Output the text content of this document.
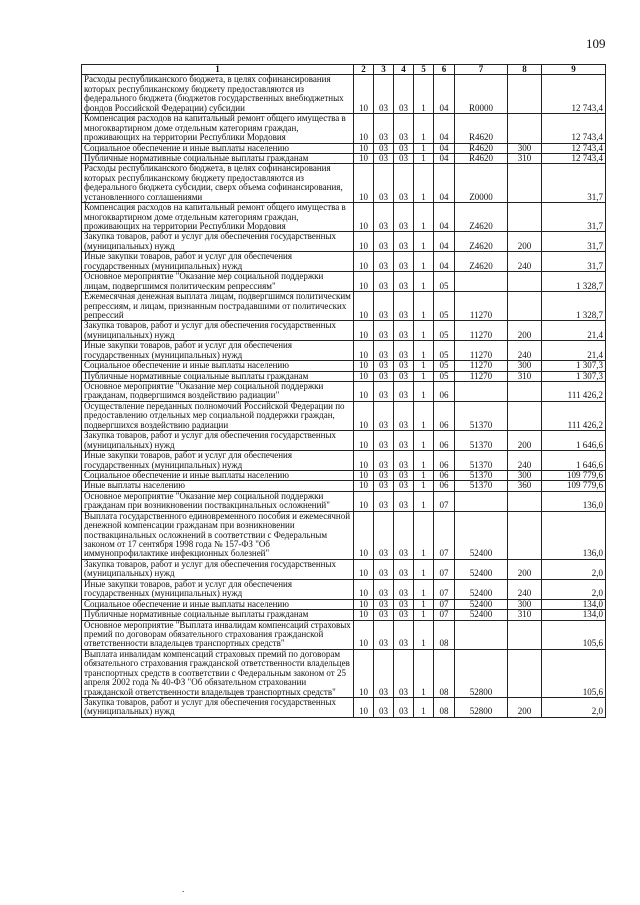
109
1	2	3	4	5	6	7	8	9
Расходы республиканского бюджета, в целях софинансирования которых республиканскому бюджету предоставляются из федерального бюджета (бюджетов государственных внебюджетных фондов Российской Федерации) субсидии	10	03	03	1	04	R0000		12 743,4
Компенсация расходов на капитальный ремонт общего имущества в многоквартирном доме отдельным категориям граждан, проживающих на территории Республики Мордовия	10	03	03	1	04	R4620		12 743,4
Социальное обеспечение и иные выплаты населению	10	03	03	1	04	R4620	300	12 743,4
Публичные нормативные социальные выплаты гражданам	10	03	03	1	04	R4620	310	12 743,4
Расходы республиканского бюджета, в целях софинансирования которых республиканскому бюджету предоставляются из федерального бюджета субсидии, сверх объема софинансирования, установленного соглашениями	10	03	03	1	04	Z0000		31,7
Компенсация расходов на капитальный ремонт общего имущества в многоквартирном доме отдельным категориям граждан, проживающих на территории Республики Мордовия	10	03	03	1	04	Z4620		31,7
Закупка товаров, работ и услуг для обеспечения государственных (муниципальных) нужд	10	03	03	1	04	Z4620	200	31,7
Иные закупки товаров, работ и услуг для обеспечения государственных (муниципальных) нужд	10	03	03	1	04	Z4620	240	31,7
Основное мероприятие "Оказание мер социальной поддержки лицам, подвергшимся политическим репрессиям"	10	03	03	1	05			1 328,7
Ежемесячная денежная выплата лицам, подвергшимся политическим репрессиям, и лицам, признанным пострадавшими от политических репрессий	10	03	03	1	05	11270		1 328,7
Закупка товаров, работ и услуг для обеспечения государственных (муниципальных) нужд	10	03	03	1	05	11270	200	21,4
Иные закупки товаров, работ и услуг для обеспечения государственных (муниципальных) нужд	10	03	03	1	05	11270	240	21,4
Социальное обеспечение и иные выплаты населению	10	03	03	1	05	11270	300	1 307,3
Публичные нормативные социальные выплаты гражданам	10	03	03	1	05	11270	310	1 307,3
Основное мероприятие "Оказание мер социальной поддержки гражданам, подвергшимся воздействию радиации"	10	03	03	1	06			111 426,2
Осуществление переданных полномочий Российской Федерации по предоставлению отдельных мер социальной поддержки граждан, подвергшихся воздействию радиации	10	03	03	1	06	51370		111 426,2
Закупка товаров, работ и услуг для обеспечения государственных (муниципальных) нужд	10	03	03	1	06	51370	200	1 646,6
Иные закупки товаров, работ и услуг для обеспечения государственных (муниципальных) нужд	10	03	03	1	06	51370	240	1 646,6
Социальное обеспечение и иные выплаты населению	10	03	03	1	06	51370	300	109 779,6
Иные выплаты населению	10	03	03	1	06	51370	360	109 779,6
Основное мероприятие "Оказание мер социальной поддержки гражданам при возникновении поствакцинальных осложнений"	10	03	03	1	07			136,0
Выплата государственного единовременного пособия и ежемесячной денежной компенсации гражданам при возникновении поствакцинальных осложнений в соответствии с Федеральным законом от 17 сентября 1998 года № 157-ФЗ "Об иммунопрофилактике инфекционных болезней"	10	03	03	1	07	52400		136,0
Закупка товаров, работ и услуг для обеспечения государственных (муниципальных) нужд	10	03	03	1	07	52400	200	2,0
Иные закупки товаров, работ и услуг для обеспечения государственных (муниципальных) нужд	10	03	03	1	07	52400	240	2,0
Социальное обеспечение и иные выплаты населению	10	03	03	1	07	52400	300	134,0
Публичные нормативные социальные выплаты гражданам	10	03	03	1	07	52400	310	134,0
Основное мероприятие "Выплата инвалидам компенсаций страховых премий по договорам обязательного страхования гражданской ответственности владельцев транспортных средств"	10	03	03	1	08			105,6
Выплата инвалидам компенсаций страховых премий по договорам обязательного страхования гражданской ответственности владельцев транспортных средств в соответствии с Федеральным законом от 25 апреля 2002 года № 40-ФЗ "Об обязательном страховании гражданской ответственности владельцев транспортных средств"	10	03	03	1	08	52800		105,6
Закупка товаров, работ и услуг для обеспечения государственных (муниципальных) нужд	10	03	03	1	08	52800	200	2,0
.
